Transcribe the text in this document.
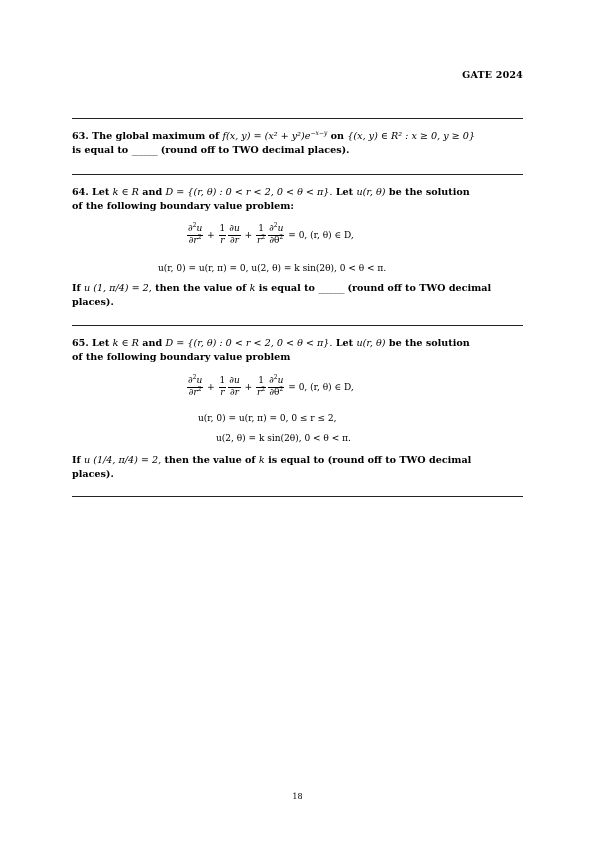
GATE 2024
63. The global maximum of f(x, $y) = (x^2 + y^2)e^{-x-y}$ on {(x, y) ∈ R² : x ≥ 0, y ≥ 0}
is equal to ______ (round off to TWO decimal places).
64. Let k ∈ R and D = {(r, θ) : 0 < r < 2, 0 < θ < π}. Let u(r, θ) be the solution
of the following boundary value problem:
$\frac{\partial^2u}{\partial r^2} + \frac{1}{r} \frac{\partial u}{\partial r} + \frac{1}{r^2} \frac{\partial^2u}{\partial\theta^2} = 0$, (r, θ) ∈ D,
u(r, 0) = u(r, π) = 0, u(2, θ) = k sin(2θ), 0 < θ < π.
If u (1, π/4) = 2, then the value of k is equal to ______ (round off to TWO decimal
places).
65. Let k ∈ R and D = {(r, θ) : 0 < r < 2, 0 < θ < π}. Let u(r, θ) be the solution
of the following boundary value problem
$\frac{\partial^2u}{\partial r^2} + \frac{1}{r} \frac{\partial u}{\partial r} + \frac{1}{r^2} \frac{\partial^2u}{\partial\theta^2} = 0$, (r, θ) ∈ D,
u(r, 0) = u(r, π) = 0, 0 ≤ r ≤ 2,
u(2, θ) = k sin(2θ), 0 < θ < π.
If u (1/4, π/4) = 2, then the value of k is equal to (round off to TWO decimal
places).
18
